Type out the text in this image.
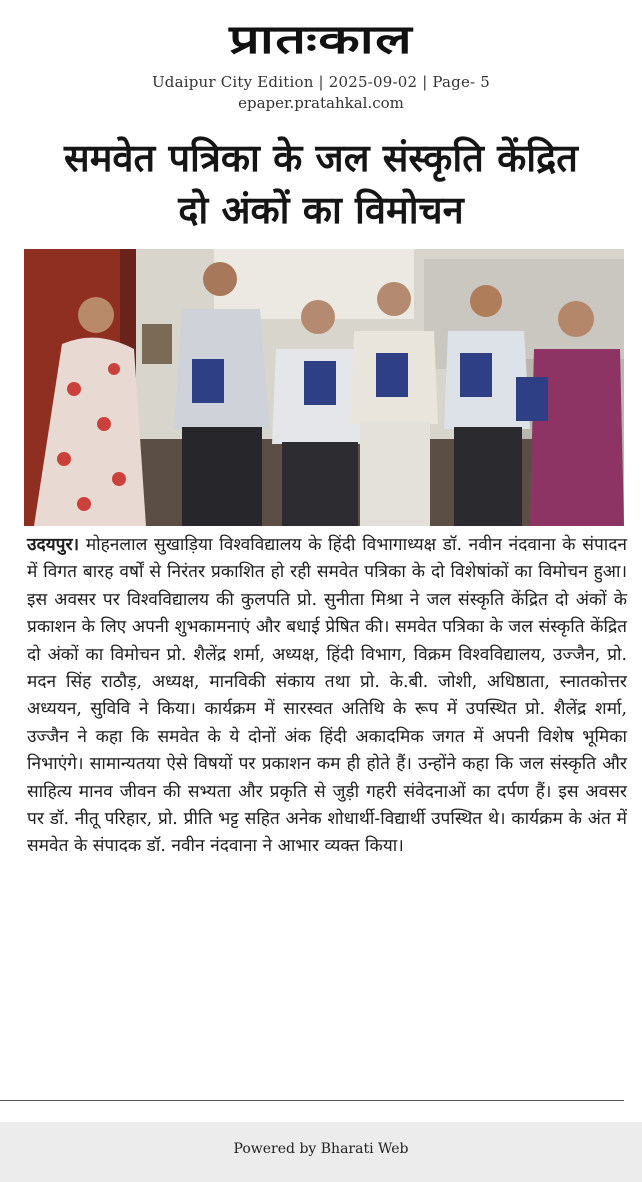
प्रातःकाल
Udaipur City Edition | 2025-09-02 | Page- 5
epaper.pratahkal.com
समवेत पत्रिका के जल संस्कृति केंद्रित
दो अंकों का विमोचन
उदयपुर। मोहनलाल सुखाड़िया विश्वविद्यालय के हिंदी विभागाध्यक्ष डॉ. नवीन नंदवाना के संपादन में विगत बारह वर्षों से निरंतर प्रकाशित हो रही समवेत पत्रिका के दो विशेषांकों का विमोचन हुआ। इस अवसर पर विश्वविद्यालय की कुलपति प्रो. सुनीता मिश्रा ने जल संस्कृति केंद्रित दो अंकों के प्रकाशन के लिए अपनी शुभकामनाएं और बधाई प्रेषित की। समवेत पत्रिका के जल संस्कृति केंद्रित दो अंकों का विमोचन प्रो. शैलेंद्र शर्मा, अध्यक्ष, हिंदी विभाग, विक्रम विश्वविद्यालय, उज्जैन, प्रो. मदन सिंह राठौड़, अध्यक्ष, मानविकी संकाय तथा प्रो. के.बी. जोशी, अधिष्ठाता, स्नातकोत्तर अध्ययन, सुविवि ने किया। कार्यक्रम में सारस्वत अतिथि के रूप में उपस्थित प्रो. शैलेंद्र शर्मा, उज्जैन ने कहा कि समवेत के ये दोनों अंक हिंदी अकादमिक जगत में अपनी विशेष भूमिका निभाएंगे। सामान्यतया ऐसे विषयों पर प्रकाशन कम ही होते हैं। उन्होंने कहा कि जल संस्कृति और साहित्य मानव जीवन की सभ्यता और प्रकृति से जुड़ी गहरी संवेदनाओं का दर्पण हैं। इस अवसर पर डॉ. नीतू परिहार, प्रो. प्रीति भट्ट सहित अनेक शोधार्थी-विद्यार्थी उपस्थित थे। कार्यक्रम के अंत में समवेत के संपादक डॉ. नवीन नंदवाना ने आभार व्यक्त किया।
Powered by Bharati Web
